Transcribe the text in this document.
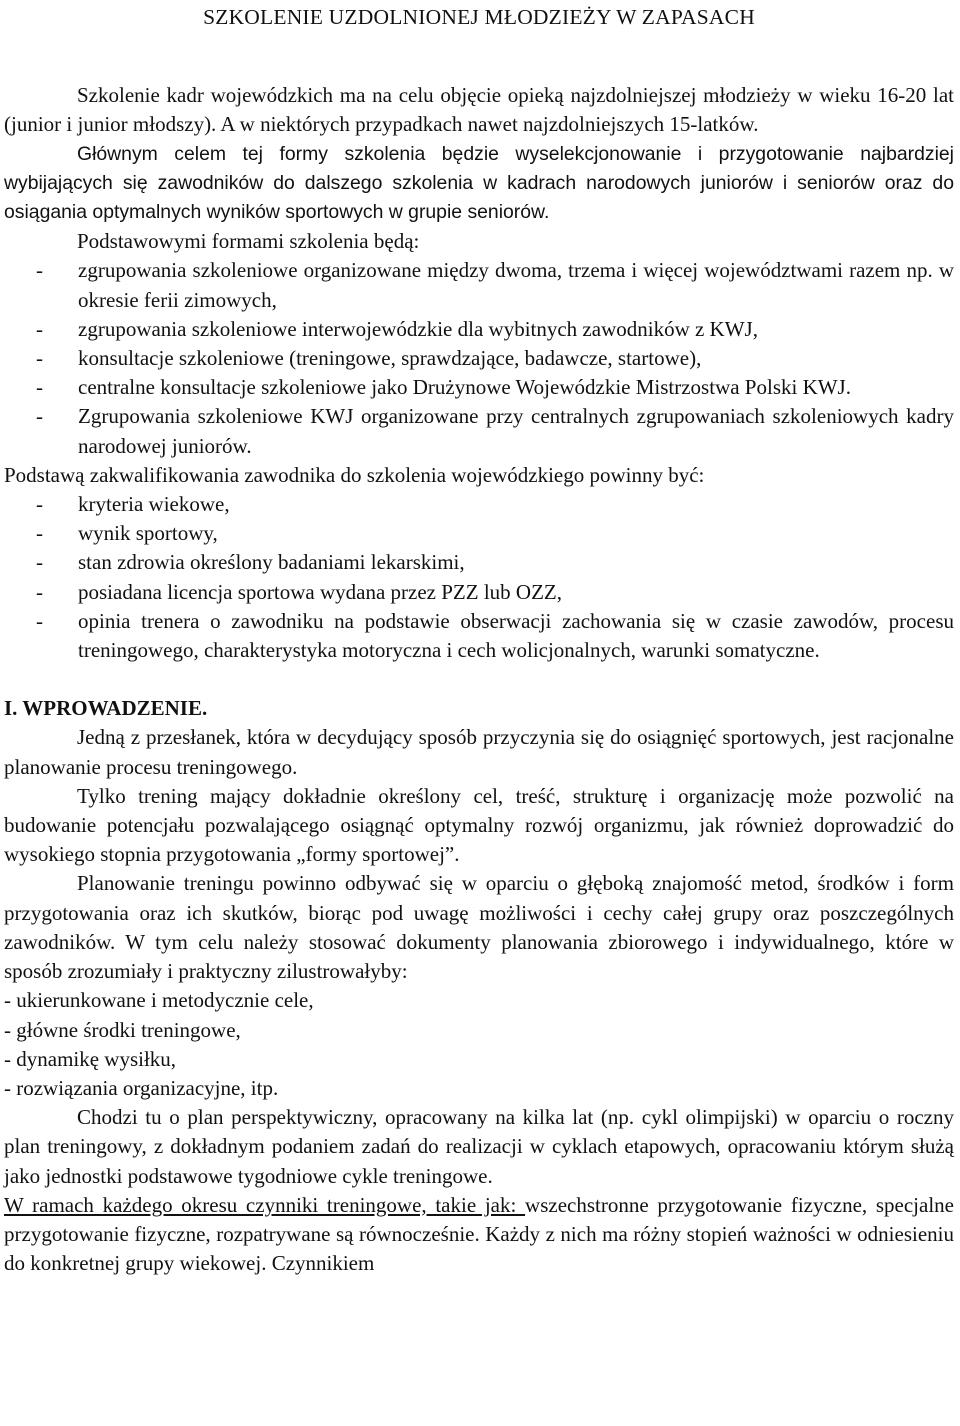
SZKOLENIE UZDOLNIONEJ MŁODZIEŻY W ZAPASACH

Szkolenie kadr wojewódzkich ma na celu objęcie opieką najzdolniejszej młodzieży w wieku 16-20 lat (junior i junior młodszy). A w niektórych przypadkach nawet najzdolniejszych 15-latków.

Głównym celem tej formy szkolenia będzie wyselekcjonowanie i przygotowanie najbardziej wybijających się zawodników do dalszego szkolenia w kadrach narodowych juniorów i seniorów oraz do osiągania optymalnych wyników sportowych w grupie seniorów.

Podstawowymi formami szkolenia będą:

- zgrupowania szkoleniowe organizowane między dwoma, trzema i więcej województwami razem np. w okresie ferii zimowych,
- zgrupowania szkoleniowe interwojewódzkie dla wybitnych zawodników z KWJ,
- konsultacje szkoleniowe (treningowe, sprawdzające, badawcze, startowe),
- centralne konsultacje szkoleniowe jako Drużynowe Wojewódzkie Mistrzostwa Polski KWJ.
- Zgrupowania szkoleniowe KWJ organizowane przy centralnych zgrupowaniach szkoleniowych kadry narodowej juniorów.

Podstawą zakwalifikowania zawodnika do szkolenia wojewódzkiego powinny być:

- kryteria wiekowe,
- wynik sportowy,
- stan zdrowia określony badaniami lekarskimi,
- posiadana licencja sportowa wydana przez PZZ lub OZZ,
- opinia trenera o zawodniku na podstawie obserwacji zachowania się w czasie zawodów, procesu treningowego, charakterystyka motoryczna i cech wolicjonalnych, warunki somatyczne.

I. WPROWADZENIE.

Jedną z przesłanek, która w decydujący sposób przyczynia się do osiągnięć sportowych, jest racjonalne planowanie procesu treningowego.

Tylko trening mający dokładnie określony cel, treść, strukturę i organizację może pozwolić na budowanie potencjału pozwalającego osiągnąć optymalny rozwój organizmu, jak również doprowadzić do wysokiego stopnia przygotowania „formy sportowej”.

Planowanie treningu powinno odbywać się w oparciu o głęboką znajomość metod, środków i form przygotowania oraz ich skutków, biorąc pod uwagę możliwości i cechy całej grupy oraz poszczególnych zawodników. W tym celu należy stosować dokumenty planowania zbiorowego i indywidualnego, które w sposób zrozumiały i praktyczny zilustrowałyby:

- ukierunkowane i metodycznie cele,

- główne środki treningowe,

- dynamikę wysiłku,

- rozwiązania organizacyjne, itp.

Chodzi tu o plan perspektywiczny, opracowany na kilka lat (np. cykl olimpijski) w oparciu o roczny plan treningowy, z dokładnym podaniem zadań do realizacji w cyklach etapowych, opracowaniu którym służą jako jednostki podstawowe tygodniowe cykle treningowe.

W ramach każdego okresu czynniki treningowe, takie jak: wszechstronne przygotowanie fizyczne, specjalne przygotowanie fizyczne, rozpatrywane są równocześnie. Każdy z nich ma różny stopień ważności w odniesieniu do konkretnej grupy wiekowej. Czynnikiem
